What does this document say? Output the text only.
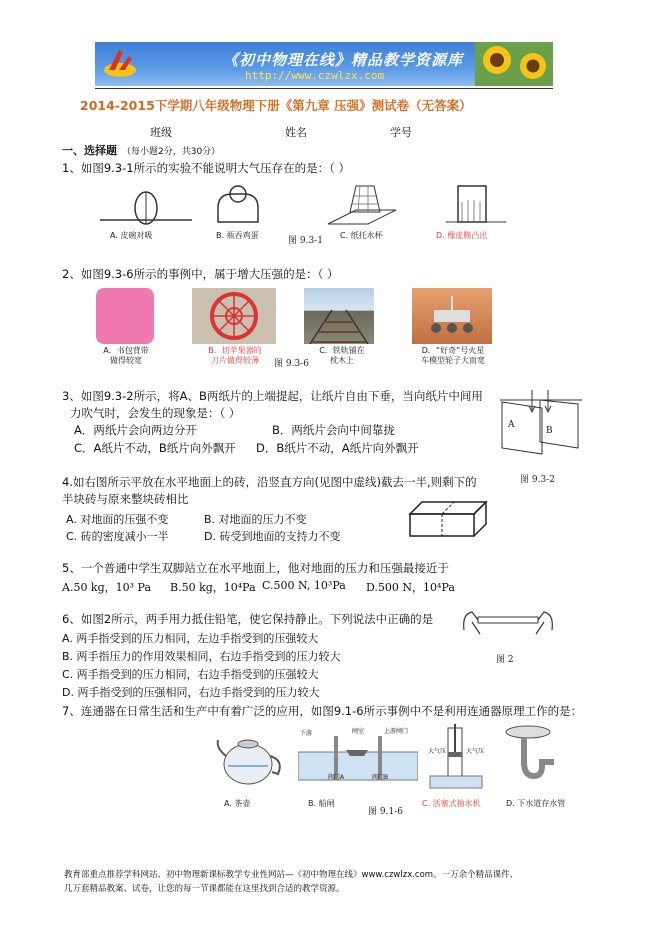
《初中物理在线》精品教学资源库
http://www.czwlzx.com
2014-2015下学期八年级物理下册《第九章 压强》测试卷（无答案）
班级	姓名	学号
一、选择题 （每小题2分，共30分）
1、如图9.3-1所示的实验不能说明大气压存在的是：（ ）
A. 皮碗对吸	B. 瓶吞鸡蛋
图 9.3-1
C. 纸托水杯	D. 橡皮膜凸出
2、如图9.3-6所示的事例中，属于增大压强的是：（ ）
A．书包背带
做得较宽
B．切苹果器的
刀片做得较薄	图 9.3-6
C．铁轨铺在
枕木上
D．“好奇”号火星
车模型轮子大而宽
3、如图9.3-2所示，将A、B两纸片的上端提起，让纸片自由下垂，当向纸片中间用
力吹气时，会发生的现象是：（ ）
A．两纸片会向两边分开	B．两纸片会向中间靠拢
C．A纸片不动，B纸片向外飘开 D．B纸片不动，A纸片向外飘开
A
B
图 9.3-2
4.如右图所示平放在水平地面上的砖，沿竖直方向(见图中虚线)截去一半,则剩下的
半块砖与原来整块砖相比
A. 对地面的压强不变	B. 对地面的压力不变
C. 砖的密度减小一半	D. 砖受到地面的支持力不变
5、一个普通中学生双脚站立在水平地面上，他对地面的压力和压强最接近于
A.50 kg，10³ Pa B.50 kg，10⁴Pa C.500 N, 10³Pa D.500 N，10⁴Pa
6、如图2所示，两手用力抵住铅笔，使它保持静止。下列说法中正确的是
A. 两手指受到的压力相同，左边手指受到的压强较大
B. 两手指压力的作用效果相同，右边手指受到的压力较大
C. 两手指受到的压力相同，右边手指受到的压强较大
D. 两手指受到的压强相同，右边手指受到的压力较大
图 2
7、连通器在日常生活和生产中有着广泛的应用，如图9.1-6所示事例中不是利用连通器原理工作的是：
下游	闸室	上游闸门
阀门A	阀门B
大气压	大气压
A. 茶壶	B. 船闸
图 9.1-6
C. 活塞式抽水机	D. 下水道存水管
教育部重点推荐学科网站、初中物理新课标教学专业性网站—《初中物理在线》www.czwlzx.com。一万余个精品课件、
几万套精品教案、试卷，让您的每一节课都能在这里找到合适的教学资源。
